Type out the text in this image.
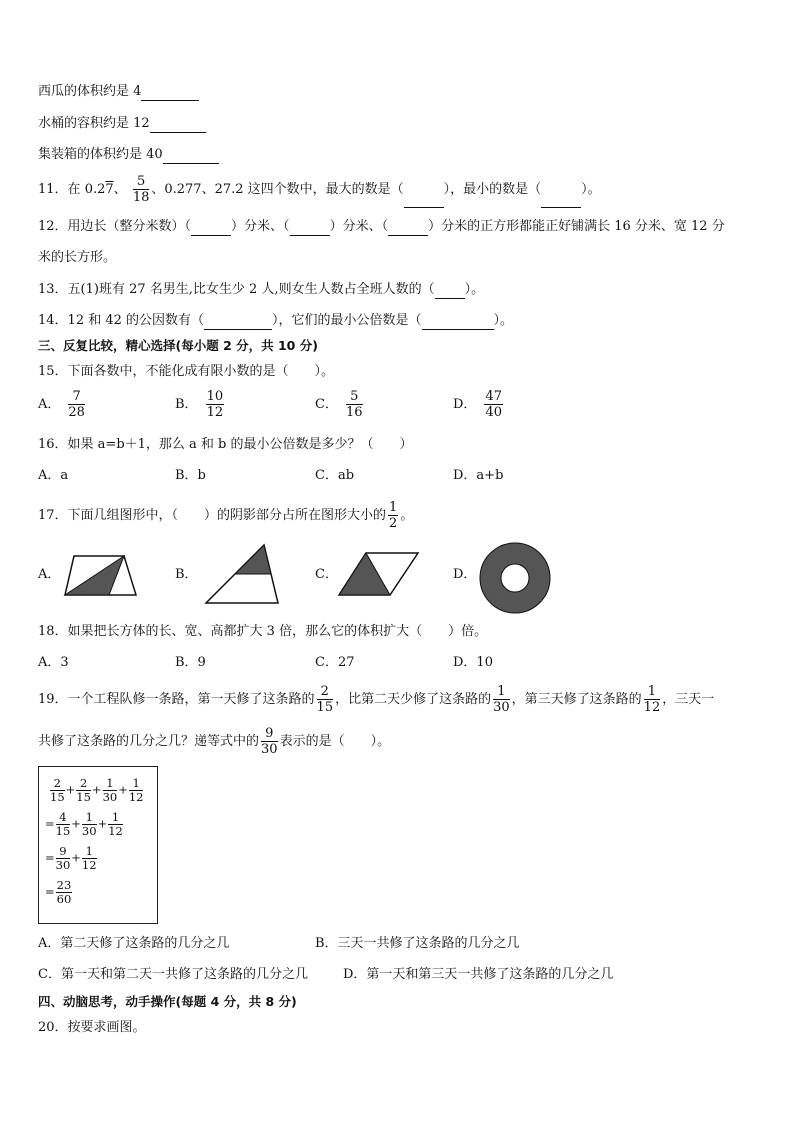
西瓜的体积约是 4
水桶的容积约是 12
集装箱的体积约是 40
11．在 0.27、 $\frac{5}{18}$ 、0.277、27.2 这四个数中，最大的数是（	），最小的数是（	）。
12．用边长（整分米数）（	）分米、（	）分米、（	）分米的正方形都能正好铺满长 16 分米、宽 12 分
米的长方形。
13．五(1)班有 27 名男生,比女生少 2 人,则女生人数占全班人数的（ ）。
14．12 和 42 的公因数有（	），它们的最小公倍数是（	）。
三、反复比较，精心选择(每小题 2 分，共 10 分)
15．下面各数中，不能化成有限小数的是（　　）。
A． $\frac{7}{28}$	B． $\frac{10}{12}$	C． $\frac{5}{16}$	D． $\frac{47}{40}$
16．如果 a=b＋1，那么 a 和 b 的最小公倍数是多少？（　　）
A．a	B．b	C．ab	D．a+b
17．下面几组图形中，（　　）的阴影部分占所在图形大小的 $\frac{1}{2}$ 。
A．	B．	C．	D．
18．如果把长方体的长、宽、高都扩大 3 倍，那么它的体积扩大（　　）倍。
A．3	B．9	C．27	D．10
19．一个工程队修一条路，第一天修了这条路的 $\frac{2}{15}$ ，比第二天少修了这条路的 $\frac{1}{30}$ ，第三天修了这条路的 $\frac{1}{12}$ ，三天一
共修了这条路的几分之几？递等式中的 $\frac{9}{30}$ 表示的是（　　）。
$\frac{2}{15} + \frac{2}{15} + \frac{1}{30} + \frac{1}{12}$
= $\frac{4}{15} + \frac{1}{30} + \frac{1}{12}$
= $\frac{9}{30} + \frac{1}{12}$
= $\frac{23}{60}$
A．第二天修了这条路的几分之几	B．三天一共修了这条路的几分之几
C．第一天和第二天一共修了这条路的几分之几	D．第一天和第三天一共修了这条路的几分之几
四、动脑思考，动手操作(每题 4 分，共 8 分)
20．按要求画图。
